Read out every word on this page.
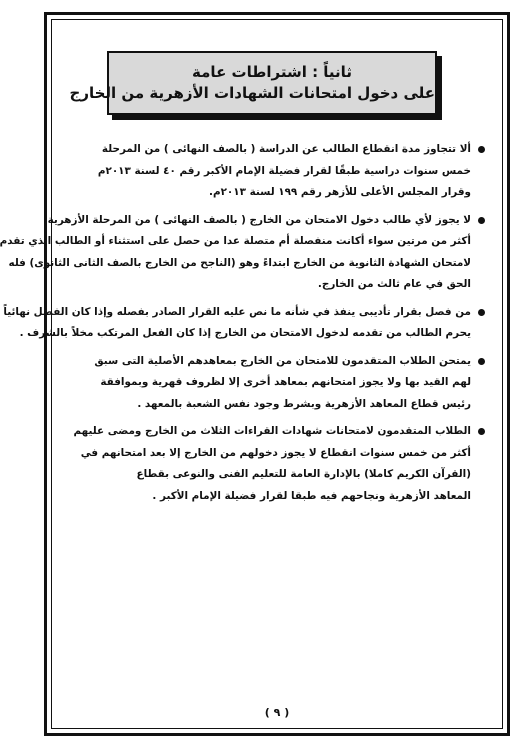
ثانياً : اشتراطات عامة
على دخول امتحانات الشهادات الأزهرية من الخارج
ألا تتجاوز مدة انقطاع الطالب عن الدراسة ( بالصف النهائى ) من المرحلة
خمس سنوات دراسية طبقًا لقرار فضيلة الإمام الأكبر رقم ٤٠ لسنة ٢٠١٣م
وقرار المجلس الأعلى للأزهر رقم ١٩٩ لسنة ٢٠١٣م.
لا يجوز لأي طالب دخول الامتحان من الخارج ( بالصف النهائى ) من المرحلة الأزهرية
أكثر من مرتين سواء أكانت منفصلة أم متصلة عدا من حصل على استثناء أو الطالب الذي تقدم
لامتحان الشهادة الثانوية من الخارج ابتداءً وهو (الناجح من الخارج بالصف الثانى الثانوى) فله
الحق في عام ثالث من الخارج.
من فصل بقرار تأديبى ينفذ في شأنه ما نص عليه القرار الصادر بفصله وإذا كان الفصل نهائياً
يحرم الطالب من تقدمه لدخول الامتحان من الخارج إذا كان الفعل المرتكب مخلاً بالشرف .
يمتحن الطلاب المتقدمون للامتحان من الخارج بمعاهدهم الأصلية التى سبق
لهم القيد بها ولا يجوز امتحانهم بمعاهد أخرى إلا لظروف قهرية وبموافقة
رئيس قطاع المعاهد الأزهرية وبشرط وجود نفس الشعبة بالمعهد .
الطلاب المتقدمون لامتحانات شهادات القراءات الثلاث من الخارج ومضى عليهم
أكثر من خمس سنوات انقطاع لا يجوز دخولهم من الخارج إلا بعد امتحانهم في
(القرآن الكريم كاملا) بالإدارة العامة للتعليم الفنى والنوعى بقطاع
المعاهد الأزهرية ونجاحهم فيه طبقا لقرار فضيلة الإمام الأكبر .
( ٩ )
